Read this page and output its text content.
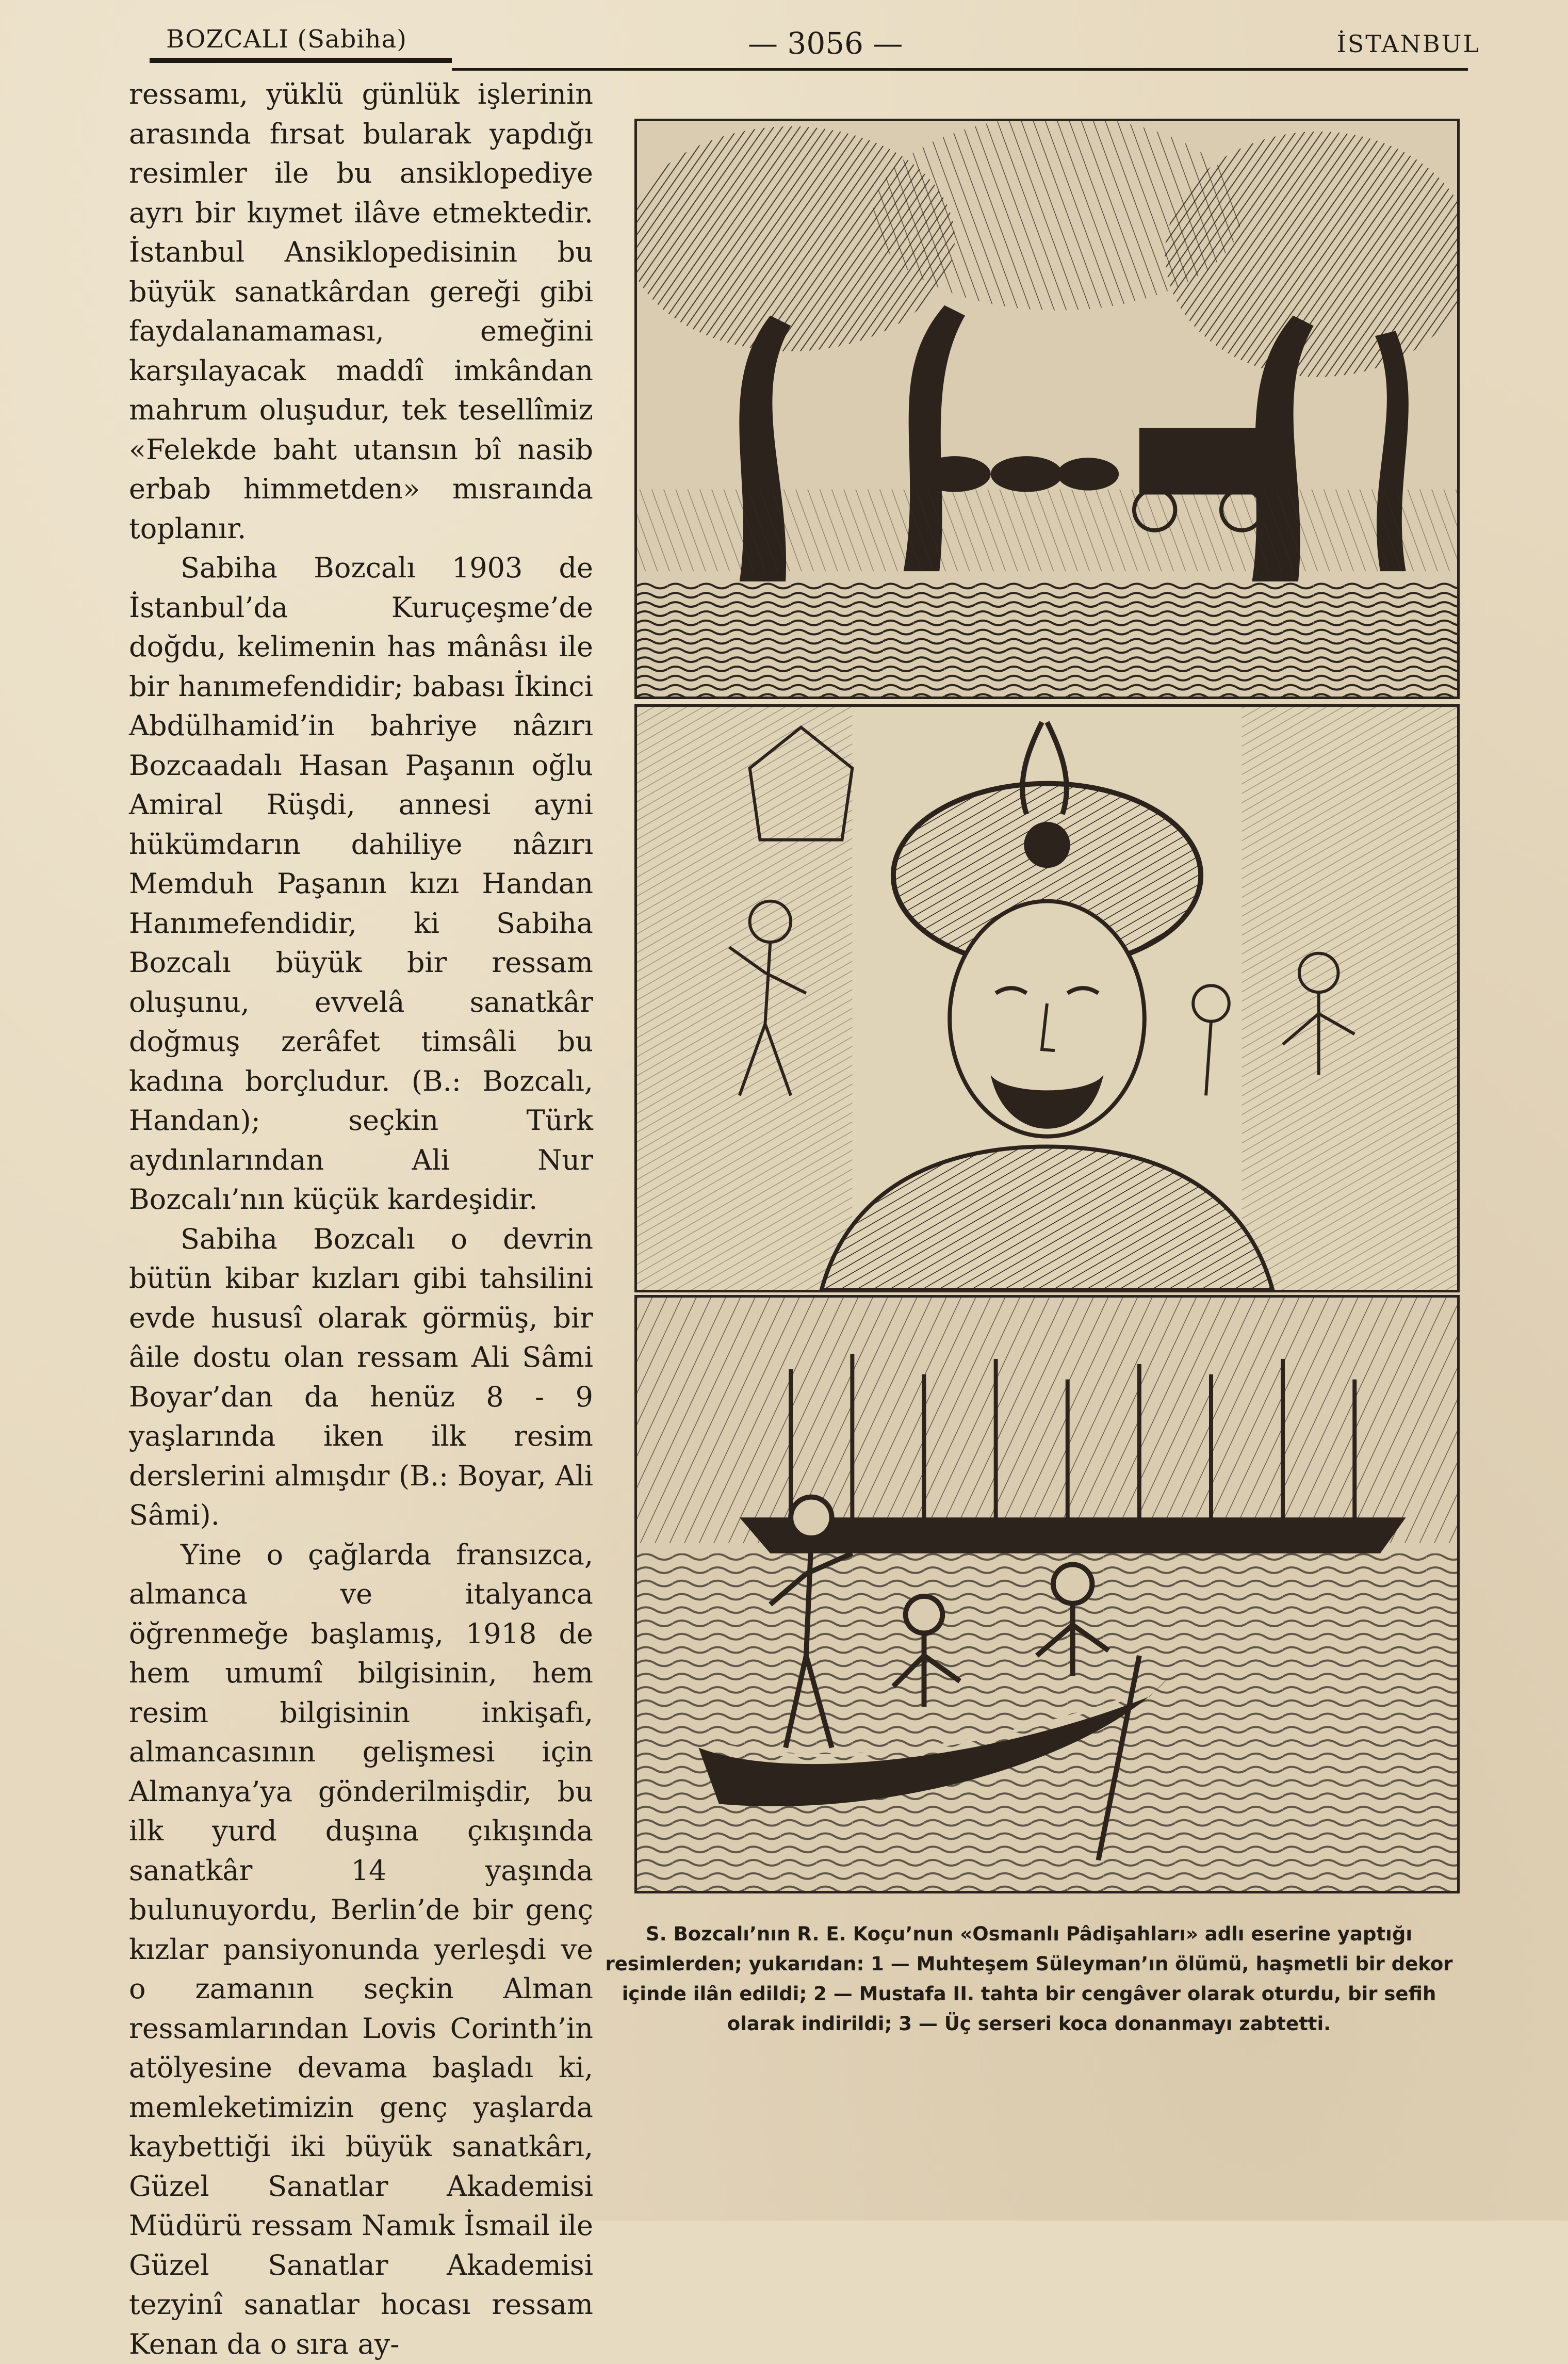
BOZCALI (Sabiha)	— 3056 —	İSTANBUL

ressamı, yüklü günlük işlerinin arasında fırsat bularak yapdığı resimler ile bu ansiklopediye ayrı bir kıymet ilâve etmektedir. İstanbul Ansiklopedisinin bu büyük sanatkârdan gereği gibi faydalanamaması, emeğini karşılayacak maddî imkândan mahrum oluşudur, tek tesellîmiz «Felekde baht utansın bî nasib erbab himmetden» mısraında toplanır.

Sabiha Bozcalı 1903 de İstanbul’da Kuruçeşme’de doğdu, kelimenin has mânâsı ile bir hanımefendidir; babası İkinci Abdülhamid’in bahriye nâzırı Bozcaadalı Hasan Paşanın oğlu Amiral Rüşdi, annesi ayni hükümdarın dahiliye nâzırı Memduh Paşanın kızı Handan Hanımefendidir, ki Sabiha Bozcalı büyük bir ressam oluşunu, evvelâ sanatkâr doğmuş zerâfet timsâli bu kadına borçludur. (B.: Bozcalı, Handan); seçkin Türk aydınlarından Ali Nur Bozcalı’nın küçük kardeşidir.

Sabiha Bozcalı o devrin bütün kibar kızları gibi tahsilini evde hususî olarak görmüş, bir âile dostu olan ressam Ali Sâmi Boyar’dan da henüz 8 - 9 yaşlarında iken ilk resim derslerini almışdır (B.: Boyar, Ali Sâmi).

Yine o çağlarda fransızca, almanca ve italyanca öğrenmeğe başlamış, 1918 de hem umumî bilgisinin, hem resim bilgisinin inkişafı, almancasının gelişmesi için Almanya’ya gönderilmişdir, bu ilk yurd duşına çıkışında sanatkâr 14 yaşında bulunuyordu, Berlin’de bir genç kızlar pansiyonunda yerleşdi ve o zamanın seçkin Alman ressamlarından Lovis Corinth’in atölyesine devama başladı ki, memleketimizin genç yaşlarda kaybettiği iki büyük sanatkârı, Güzel Sanatlar Akademisi Müdürü ressam Namık İsmail ile Güzel Sanatlar Akademisi tezyinî sanatlar hocası ressam Kenan da o sıra ay-

S. Bozcalı’nın R. E. Koçu’nun «Osmanlı Pâdişahları» adlı eserine yaptığı resimlerden; yukarıdan: 1 — Muhteşem Süleyman’ın ölümü, haşmetli bir dekor içinde ilân edildi; 2 — Mustafa II. tahta bir cengâver olarak oturdu, bir sefih olarak indirildi; 3 — Üç serseri koca donanmayı zabtetti.
